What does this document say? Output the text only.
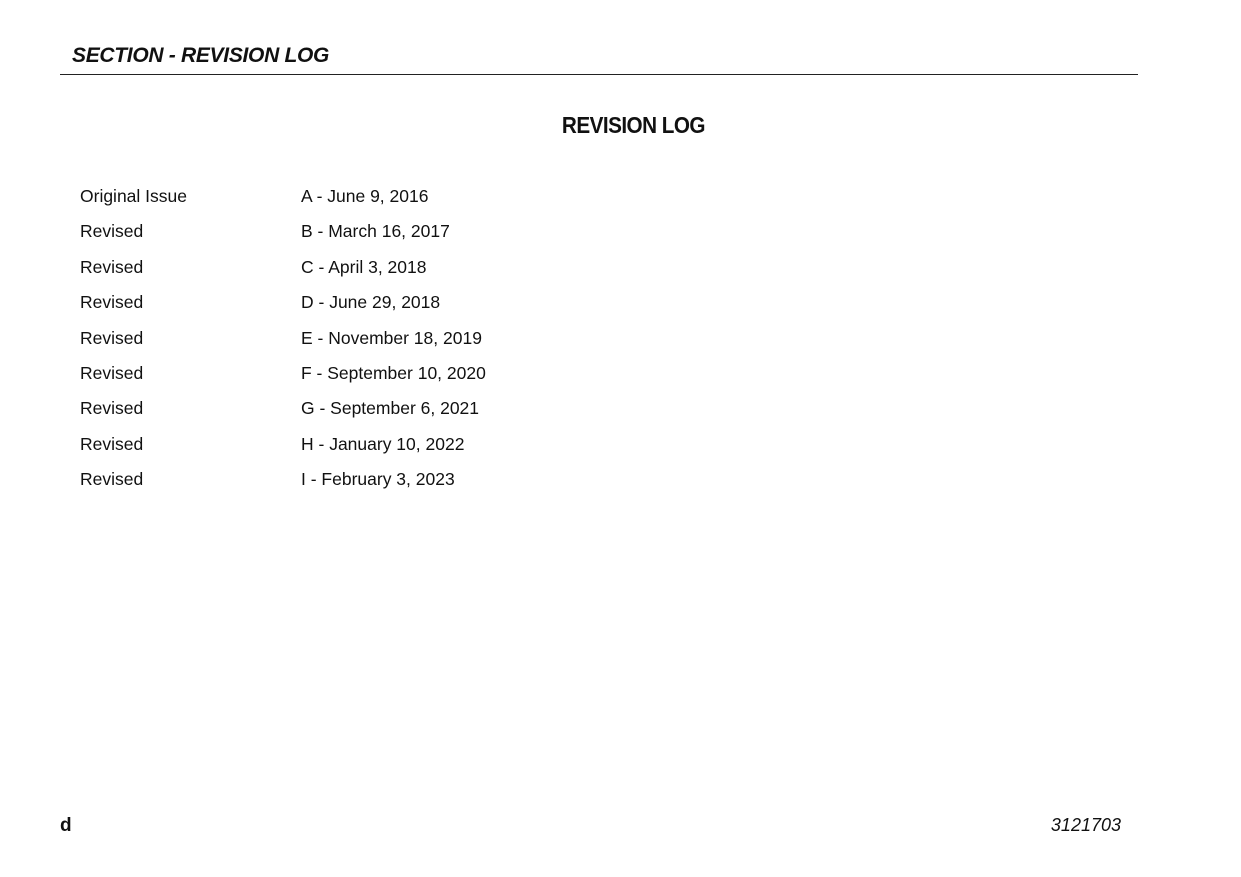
SECTION - REVISION LOG
REVISION LOG
Original Issue	A - June 9, 2016
Revised	B - March 16, 2017
Revised	C - April 3, 2018
Revised	D - June 29, 2018
Revised	E - November 18, 2019
Revised	F - September 10, 2020
Revised	G - September 6, 2021
Revised	H - January 10, 2022
Revised	I - February 3, 2023
d	3121703
